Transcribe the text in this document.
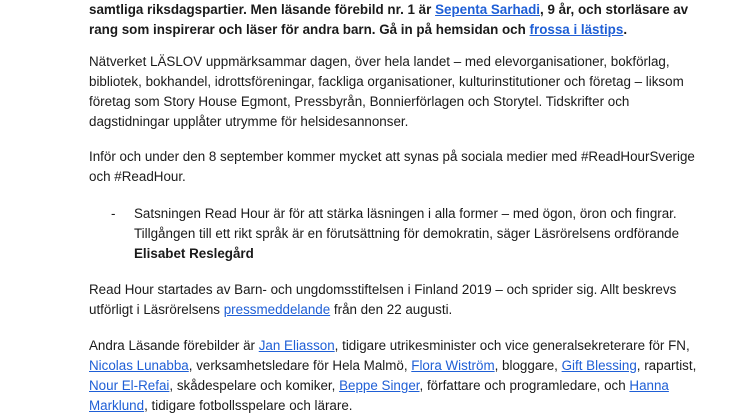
samtliga riksdagspartier. Men läsande förebild nr. 1 är Sepenta Sarhadi, 9 år, och storläsare av rang som inspirerar och läser för andra barn. Gå in på hemsidan och frossa i lästips.

Nätverket LÄSLOV uppmärksammar dagen, över hela landet – med elevorganisationer, bokförlag, bibliotek, bokhandel, idrottsföreningar, fackliga organisationer, kulturinstitutioner och företag – liksom företag som Story House Egmont, Pressbyrån, Bonnierförlagen och Storytel. Tidskrifter och dagstidningar upplåter utrymme för helsidesannonser.

Inför och under den 8 september kommer mycket att synas på sociala medier med #ReadHourSverige och #ReadHour.

- Satsningen Read Hour är för att stärka läsningen i alla former – med ögon, öron och fingrar. Tillgången till ett rikt språk är en förutsättning för demokratin, säger Läsrörelsens ordförande Elisabet Reslegård

Read Hour startades av Barn- och ungdomsstiftelsen i Finland 2019 – och sprider sig. Allt beskrevs utförligt i Läsrörelsens pressmeddelande från den 22 augusti.

Andra Läsande förebilder är Jan Eliasson, tidigare utrikesminister och vice generalsekreterare för FN, Nicolas Lunabba, verksamhetsledare för Hela Malmö, Flora Wiström, bloggare, Gift Blessing, rapartist, Nour El-Refai, skådespelare och komiker, Beppe Singer, författare och programledare, och Hanna Marklund, tidigare fotbollsspelare och lärare.
